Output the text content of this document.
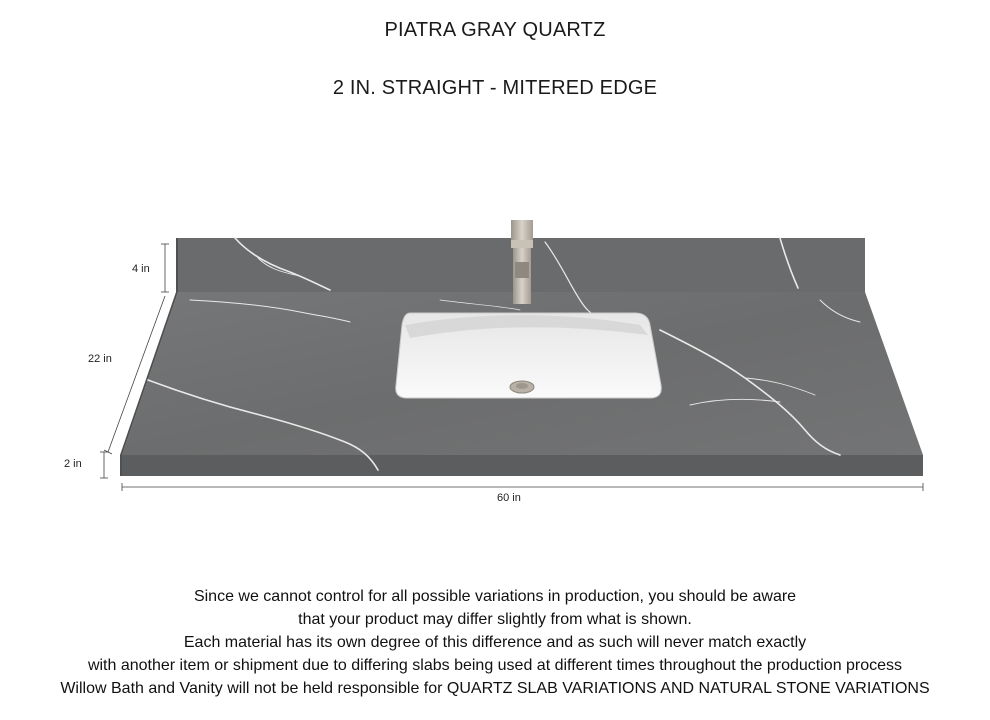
PIATRA GRAY QUARTZ
2 IN. STRAIGHT - MITERED EDGE
4 in
22 in
2 in
60 in
Since we cannot control for all possible variations in production, you should be aware
that your product may differ slightly from what is shown.
Each material has its own degree of this difference and as such will never match exactly
with another item or shipment due to differing slabs being used at different times throughout the production process
Willow Bath and Vanity will not be held responsible for QUARTZ SLAB VARIATIONS AND NATURAL STONE VARIATIONS
